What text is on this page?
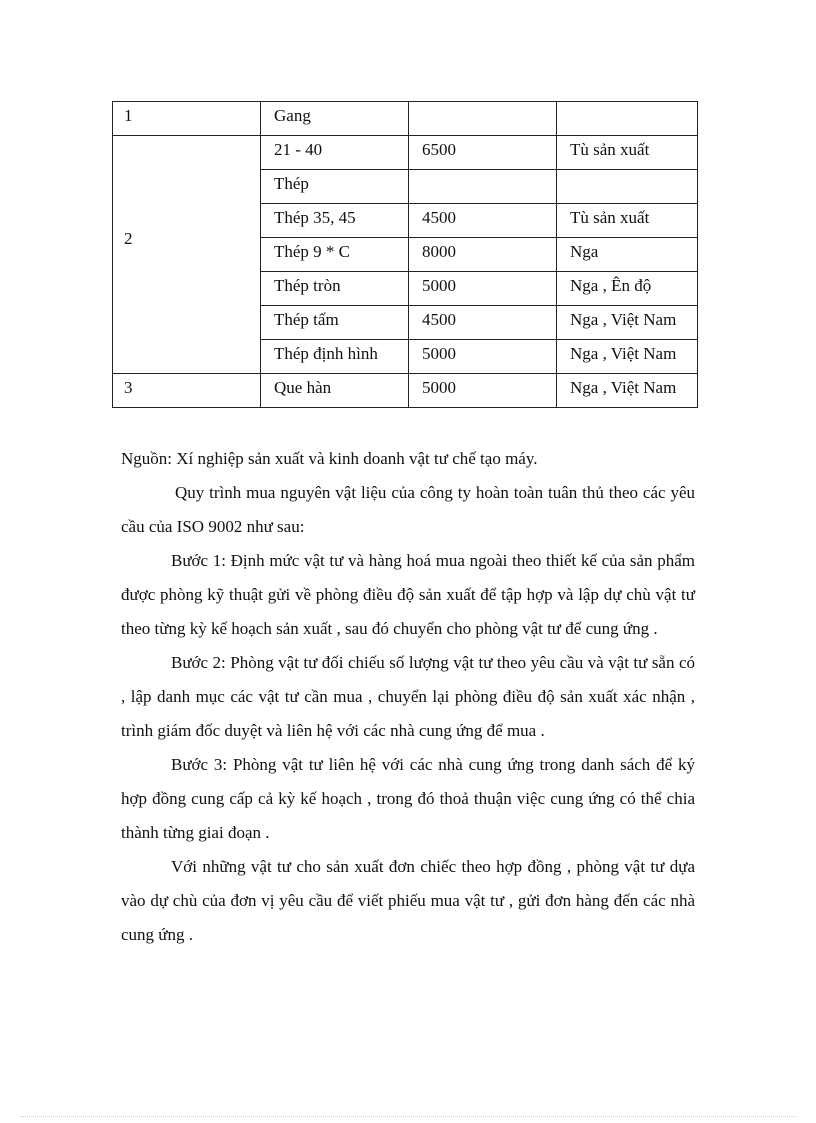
1	Gang		
2	21 - 40	6500	Tù sản xuất
	Thép		
	Thép 35, 45	4500	Tù sản xuất
	Thép 9 * C	8000	Nga
	Thép tròn	5000	Nga , Ên độ
	Thép tấm	4500	Nga , Việt Nam
	Thép định hình	5000	Nga , Việt Nam
3	Que hàn	5000	Nga , Việt Nam
Nguồn: Xí nghiệp sản xuất và kinh doanh vật tư chế tạo máy.

Quy trình mua nguyên vật liệu của công ty hoàn toàn tuân thủ theo các yêu cầu của ISO 9002 như sau:

Bước 1: Định mức vật tư và hàng hoá mua ngoài theo thiết kế của sản phẩm được phòng kỹ thuật gửi về phòng điều độ sản xuất để tập hợp và lập dự chù vật tư theo từng kỳ kế hoạch sản xuất , sau đó chuyển cho phòng vật tư để cung ứng .

Bước 2: Phòng vật tư đối chiếu số lượng vật tư theo yêu cầu và vật tư sẵn có , lập danh mục các vật tư cần mua , chuyển lại phòng điều độ sản xuất xác nhận , trình giám đốc duyệt và liên hệ với các nhà cung ứng để mua .

Bước 3: Phòng vật tư liên hệ với các nhà cung ứng trong danh sách để ký hợp đồng cung cấp cả kỳ kế hoạch , trong đó thoả thuận việc cung ứng có thể chia thành từng giai đoạn .

Với những vật tư cho sản xuất đơn chiếc theo hợp đồng , phòng vật tư dựa vào dự chù của đơn vị yêu cầu để viết phiếu mua vật tư , gửi đơn hàng đến các nhà cung ứng .
